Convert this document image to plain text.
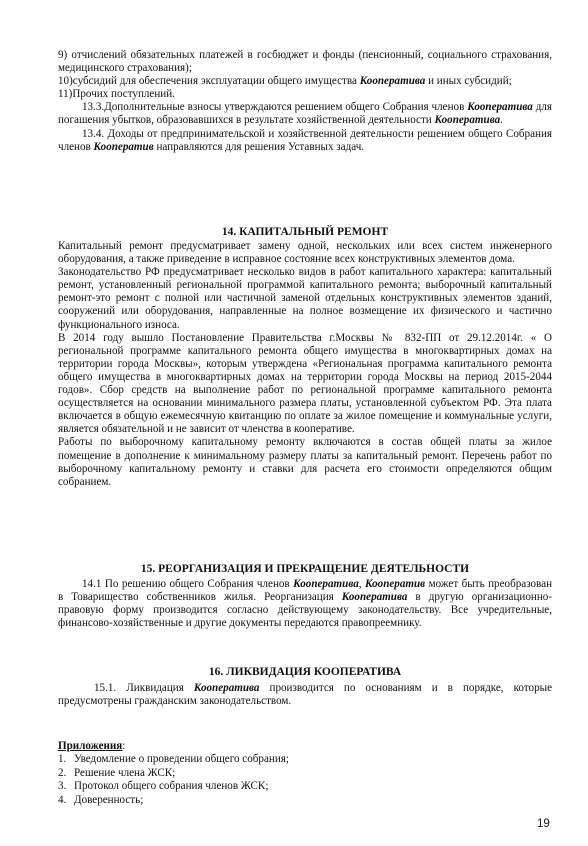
9) отчислений обязательных платежей в госбюджет и фонды (пенсионный, социального страхования, медицинского страхования);

10)субсидий для обеспечения эксплуатации общего имущества Кооператива и иных субсидий;

11)Прочих поступлений.

13.3.Дополнительные взносы утверждаются решением общего Собрания членов Кооператива для погашения убытков, образовавшихся в результате хозяйственной деятельности Кооператива.

13.4. Доходы от предпринимательской и хозяйственной деятельности решением общего Собрания членов Кооператив направляются для решения Уставных задач.

14. КАПИТАЛЬНЫЙ РЕМОНТ

Капитальный ремонт предусматривает замену одной, нескольких или всех систем инженерного оборудования, а также приведение в исправное состояние всех конструктивных элементов дома.

Законодательство РФ предусматривает несколько видов в работ капитального характера: капитальный ремонт, установленный региональной программой капитального ремонта; выборочный капитальный ремонт-это ремонт с полной или частичной заменой отдельных конструктивных элементов зданий, сооружений или оборудования, направленные на полное возмещение их физического и частично функционального износа.

В 2014 году вышло Постановление Правительства г.Москвы № 832-ПП от 29.12.2014г. « О региональной программе капитального ремонта общего имущества в многоквартирных домах на территории города Москвы», которым утверждена «Региональная программа капитального ремонта общего имущества в многоквартирных домах на территории города Москвы на период 2015-2044 годов». Сбор средств на выполнение работ по региональной программе капитального ремонта осуществляется на основании минимального размера платы, установленной субъектом РФ. Эта плата включается в общую ежемесячную квитанцию по оплате за жилое помещение и коммунальные услуги, является обязательной и не зависит от членства в кооперативе.

Работы по выборочному капитальному ремонту включаются в состав общей платы за жилое помещение в дополнение к минимальному размеру платы за капитальный ремонт. Перечень работ по выборочному капитальному ремонту и ставки для расчета его стоимости определяются общим собранием.

15. РЕОРГАНИЗАЦИЯ И ПРЕКРАЩЕНИЕ ДЕЯТЕЛЬНОСТИ

14.1 По решению общего Собрания членов Кооператива, Кооператив может быть преобразован в Товарищество собственников жилья. Реорганизация Кооператива в другую организационно-правовую форму производится согласно действующему законодательству. Все учредительные, финансово-хозяйственные и другие документы передаются правопреемнику.

16. ЛИКВИДАЦИЯ КООПЕРАТИВА

15.1. Ликвидация Кооператива производится по основаниям и в порядке, которые предусмотрены гражданским законодательством.

Приложения:
1. Уведомление о проведении общего собрания;
2. Решение члена ЖСК;
3. Протокол общего собрания членов ЖСК;
4. Доверенность;
19
